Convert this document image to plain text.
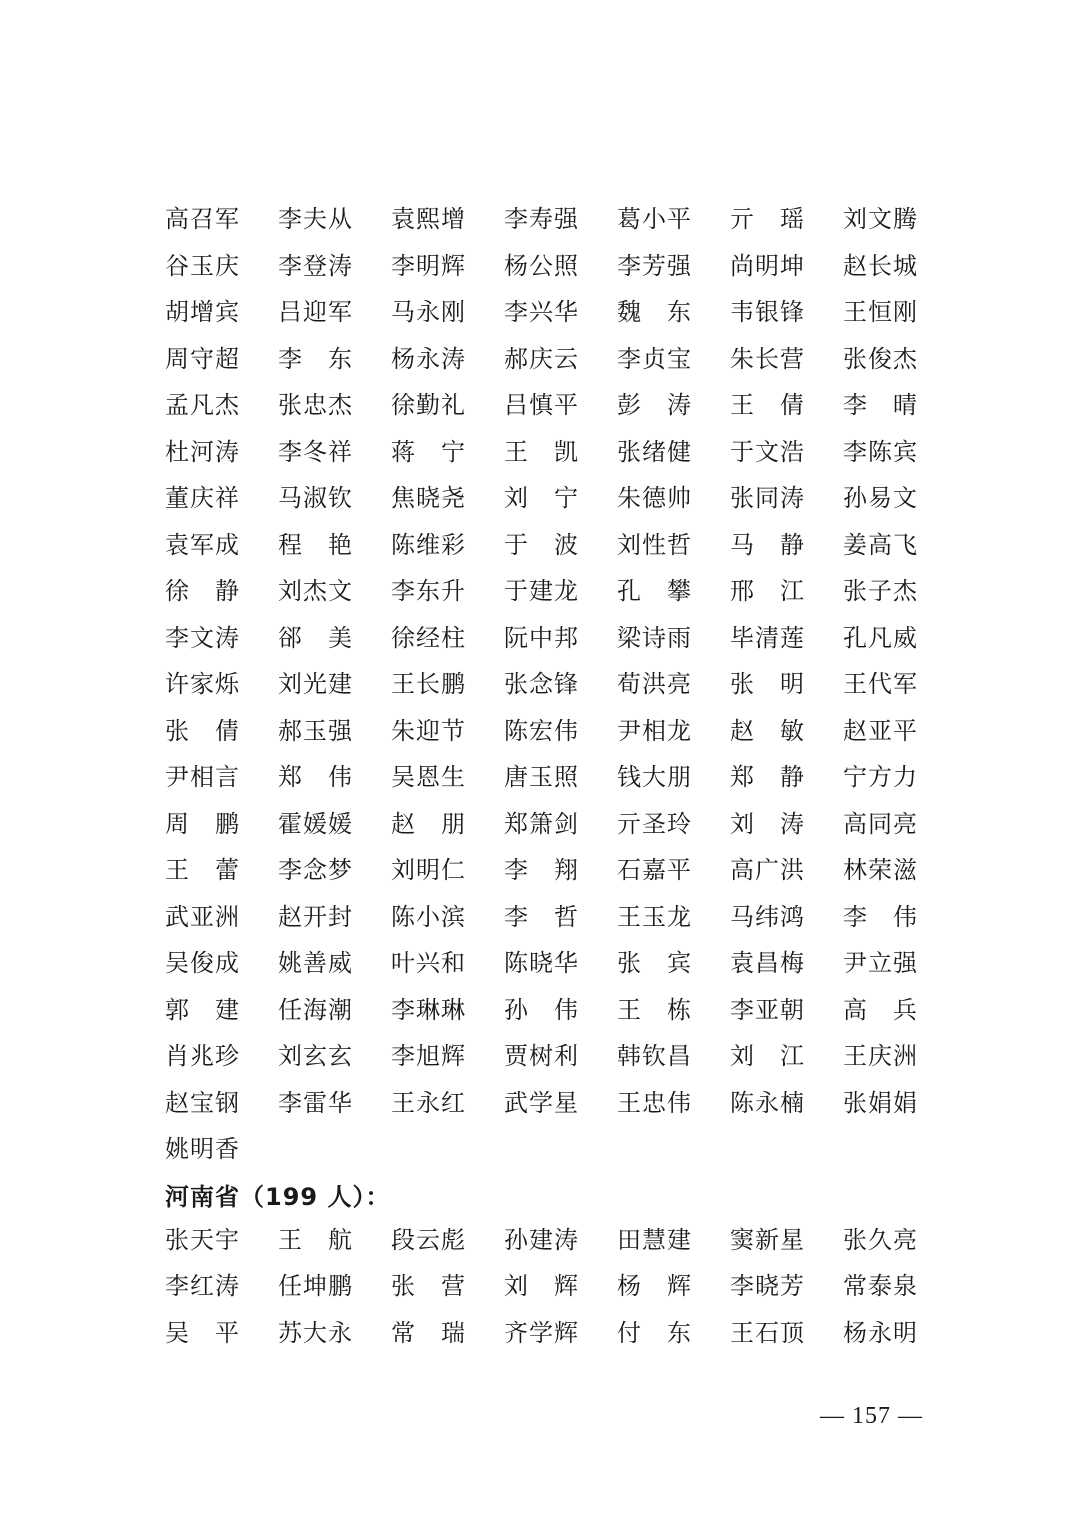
高召军	李夫从	袁熙增	李寿强	葛小平	亓　瑶	刘文腾
谷玉庆	李登涛	李明辉	杨公照	李芳强	尚明坤	赵长城
胡增宾	吕迎军	马永刚	李兴华	魏　东	韦银锋	王恒刚
周守超	李　东	杨永涛	郝庆云	李贞宝	朱长营	张俊杰
孟凡杰	张忠杰	徐勤礼	吕慎平	彭　涛	王　倩	李　晴
杜河涛	李冬祥	蒋　宁	王　凯	张绪健	于文浩	李陈宾
董庆祥	马淑钦	焦晓尧	刘　宁	朱德帅	张同涛	孙易文
袁军成	程　艳	陈维彩	于　波	刘性哲	马　静	姜高飞
徐　静	刘杰文	李东升	于建龙	孔　攀	邢　江	张子杰
李文涛	郤　美	徐经柱	阮中邦	梁诗雨	毕清莲	孔凡威
许家烁	刘光建	王长鹏	张念锋	荀洪亮	张　明	王代军
张　倩	郝玉强	朱迎节	陈宏伟	尹相龙	赵　敏	赵亚平
尹相言	郑　伟	吴恩生	唐玉照	钱大朋	郑　静	宁方力
周　鹏	霍媛媛	赵　朋	郑箫剑	亓圣玲	刘　涛	高同亮
王　蕾	李念梦	刘明仁	李　翔	石嘉平	高广洪	林荣滋
武亚洲	赵开封	陈小滨	李　哲	王玉龙	马纬鸿	李　伟
吴俊成	姚善威	叶兴和	陈晓华	张　宾	袁昌梅	尹立强
郭　建	任海潮	李琳琳	孙　伟	王　栋	李亚朝	高　兵
肖兆珍	刘玄玄	李旭辉	贾树利	韩钦昌	刘　江	王庆洲
赵宝钢	李雷华	王永红	武学星	王忠伟	陈永楠	张娟娟
姚明香
河南省（199 人）：
张天宇	王　航	段云彪	孙建涛	田慧建	窦新星	张久亮
李红涛	任坤鹏	张　营	刘　辉	杨　辉	李晓芳	常泰泉
吴　平	苏大永	常　瑞	齐学辉	付　东	王石顶	杨永明
— 157 —
